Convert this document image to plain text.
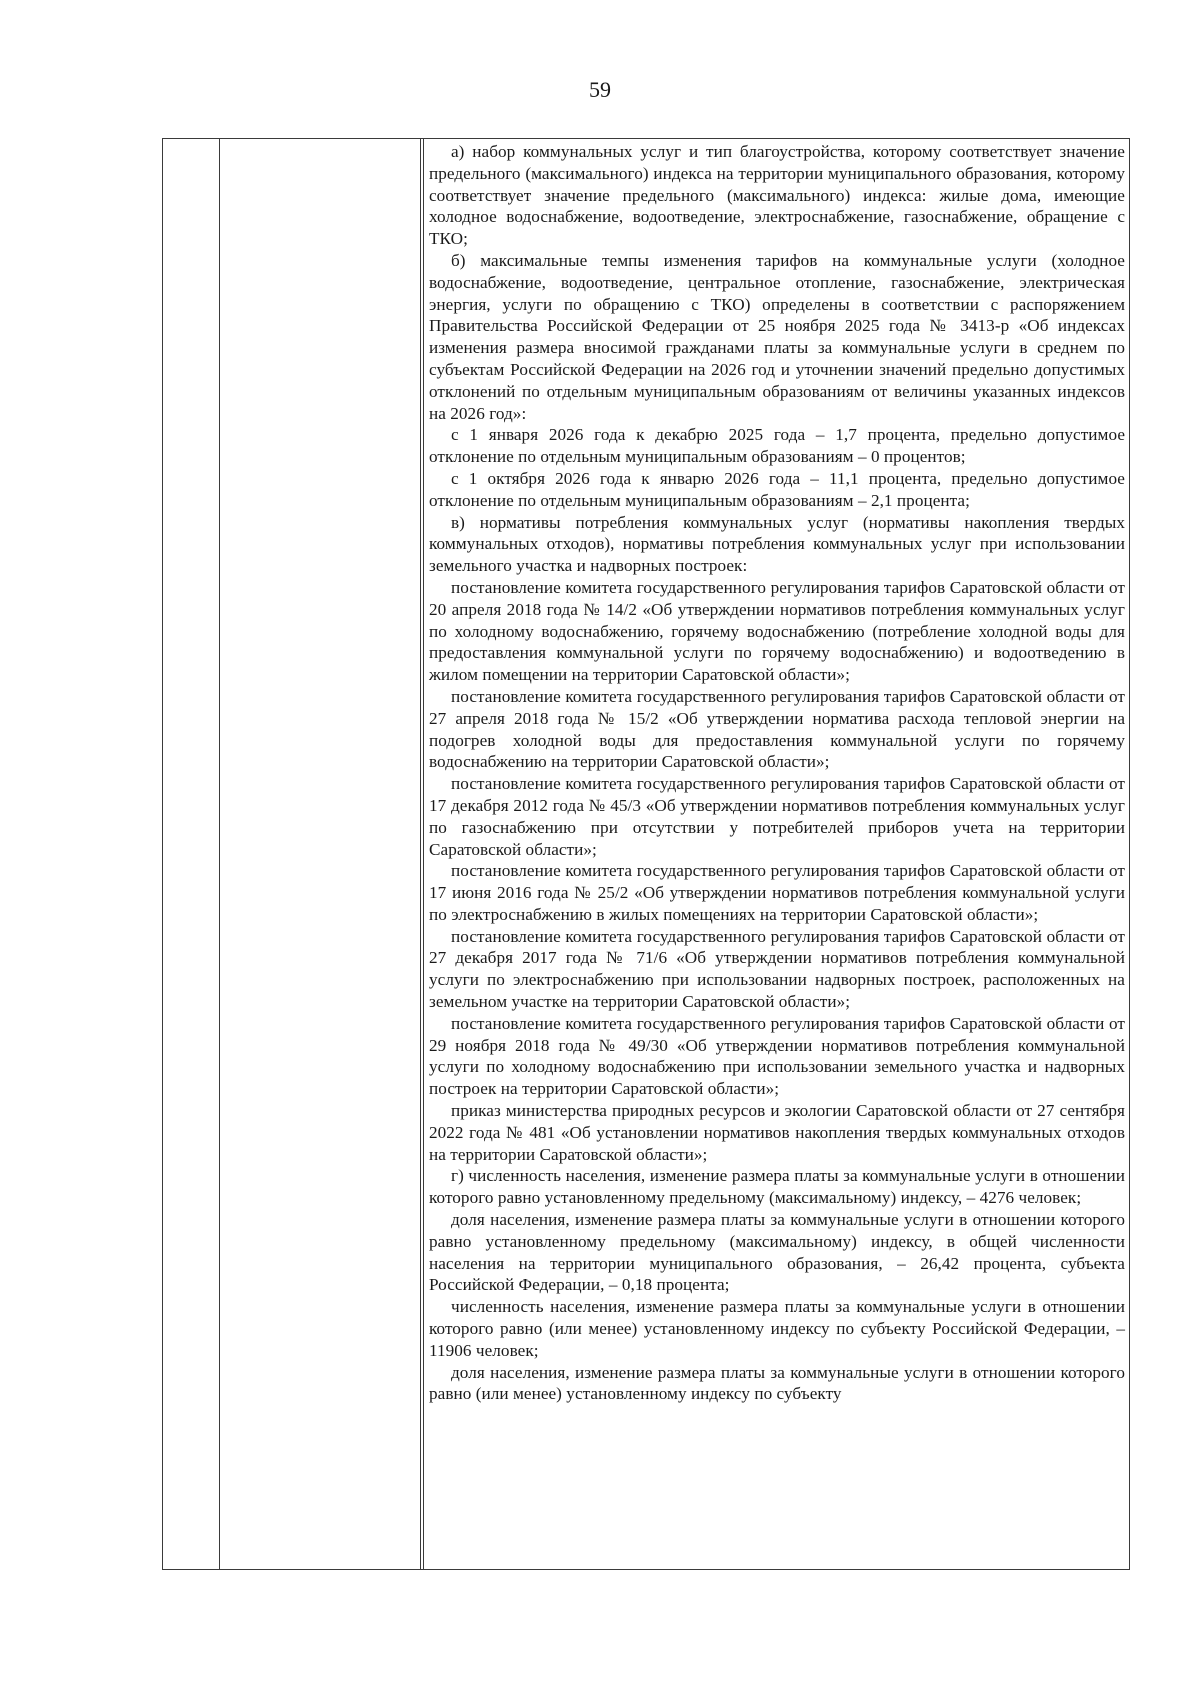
59

а) набор коммунальных услуг и тип благоустройства, которому соответствует значение предельного (максимального) индекса на территории муниципального образования, которому соответствует значение предельного (максимального) индекса: жилые дома, имеющие холодное водоснабжение, водоотведение, электроснабжение, газоснабжение, обращение с ТКО;

б) максимальные темпы изменения тарифов на коммунальные услуги (холодное водоснабжение, водоотведение, центральное отопление, газоснабжение, электрическая энергия, услуги по обращению с ТКО) определены в соответствии с распоряжением Правительства Российской Федерации от 25 ноября 2025 года № 3413-р «Об индексах изменения размера вносимой гражданами платы за коммунальные услуги в среднем по субъектам Российской Федерации на 2026 год и уточнении значений предельно допустимых отклонений по отдельным муниципальным образованиям от величины указанных индексов на 2026 год»:

с 1 января 2026 года к декабрю 2025 года – 1,7 процента, предельно допустимое отклонение по отдельным муниципальным образованиям – 0 процентов;

с 1 октября 2026 года к январю 2026 года – 11,1 процента, предельно допустимое отклонение по отдельным муниципальным образованиям – 2,1 процента;

в) нормативы потребления коммунальных услуг (нормативы накопления твердых коммунальных отходов), нормативы потребления коммунальных услуг при использовании земельного участка и надворных построек:

постановление комитета государственного регулирования тарифов Саратовской области от 20 апреля 2018 года № 14/2 «Об утверждении нормативов потребления коммунальных услуг по холодному водоснабжению, горячему водоснабжению (потребление холодной воды для предоставления коммунальной услуги по горячему водоснабжению) и водоотведению в жилом помещении на территории Саратовской области»;

постановление комитета государственного регулирования тарифов Саратовской области от 27 апреля 2018 года № 15/2 «Об утверждении норматива расхода тепловой энергии на подогрев холодной воды для предоставления коммунальной услуги по горячему водоснабжению на территории Саратовской области»;

постановление комитета государственного регулирования тарифов Саратовской области от 17 декабря 2012 года № 45/3 «Об утверждении нормативов потребления коммунальных услуг по газоснабжению при отсутствии у потребителей приборов учета на территории Саратовской области»;

постановление комитета государственного регулирования тарифов Саратовской области от 17 июня 2016 года № 25/2 «Об утверждении нормативов потребления коммунальной услуги по электроснабжению в жилых помещениях на территории Саратовской области»;

постановление комитета государственного регулирования тарифов Саратовской области от 27 декабря 2017 года № 71/6 «Об утверждении нормативов потребления коммунальной услуги по электроснабжению при использовании надворных построек, расположенных на земельном участке на территории Саратовской области»;

постановление комитета государственного регулирования тарифов Саратовской области от 29 ноября 2018 года № 49/30 «Об утверждении нормативов потребления коммунальной услуги по холодному водоснабжению при использовании земельного участка и надворных построек на территории Саратовской области»;

приказ министерства природных ресурсов и экологии Саратовской области от 27 сентября 2022 года № 481 «Об установлении нормативов накопления твердых коммунальных отходов на территории Саратовской области»;

г) численность населения, изменение размера платы за коммунальные услуги в отношении которого равно установленному предельному (максимальному) индексу, – 4276 человек;

доля населения, изменение размера платы за коммунальные услуги в отношении которого равно установленному предельному (максимальному) индексу, в общей численности населения на территории муниципального образования, – 26,42 процента, субъекта Российской Федерации, – 0,18 процента;

численность населения, изменение размера платы за коммунальные услуги в отношении которого равно (или менее) установленному индексу по субъекту Российской Федерации, – 11906 человек;

доля населения, изменение размера платы за коммунальные услуги в отношении которого равно (или менее) установленному индексу по субъекту
